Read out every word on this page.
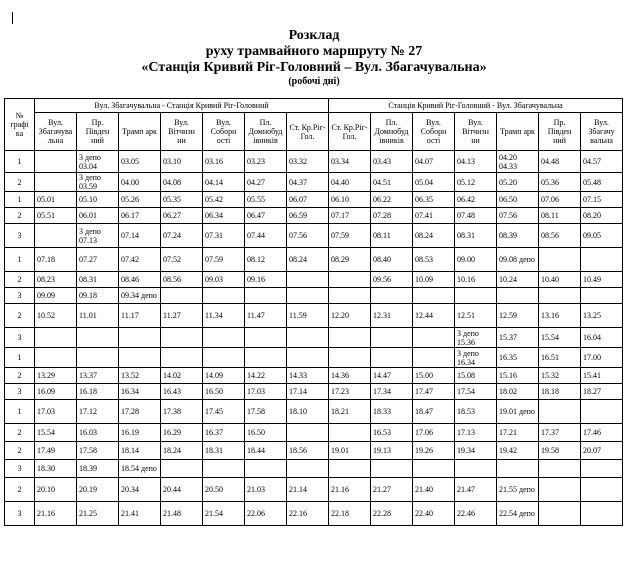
Розклад
руху трамвайного маршруту № 27
«Станція Кривий Ріг-Головний – Вул. Збагачувальна»
(робочі дні)
№ графі ка	Вул. Збагачувальна - Станція Кривий Ріг-Головний							Станція Кривий Ріг-Головний - Вул. Збагачувальна						
	Вул. Збагачува льна	Пр. Півден ний	Трамп арк	Вул. Вітчизн ни	Вул. Соборн ості	Пл. Домнобуд івників	Ст. Кр.Ріг-Гол.	Ст. Кр.Ріг-Гол.	Пл. Домнобуд івників	Вул. Соборн ості	Вул. Вітчизн ни	Трамп арк	Пр. Півден ний	Вул. Збагачу вальна
1		3 депо 03.04	03.05	03.10	03.16	03.23	03.32	03.34	03.43	04.07	04.13	04.20 04.33	04.48	04.57
2		3 депо 03.59	04.00	04.08	04.14	04.27	04.37	04.40	04.51	05.04	05.12	05.20	05.36	05.48
1	05.01	05.10	05.26	05.35	05.42	05.55	06.07	06.10	06.22	06.35	06.42	06.50	07.06	07.15
2	05.51	06.01	06.17	06.27	06.34	06.47	06.59	07.17	07.28	07.41	07.48	07.56	08.11	08.20
3		3 депо 07.13	07.14	07.24	07.31	07.44	07.56	07.59	08.11	08.24	08.31	08.39	08.56	09.05
1	07.18	07.27	07.42	07.52	07.59	08.12	08.24	08.29	08.40	08.53	09.00	09.08 депо		
2	08.23	08.31	08.46	08.56	09.03	09.16			09.56	10.09	10.16	10.24	10.40	10.49
3	09.09	09.18	09.34 депо											
2	10.52	11.01	11.17	11.27	11.34	11.47	11.59	12.20	12.31	12.44	12.51	12.59	13.16	13.25
3											3 депо 15.36	15.37	15.54	16.04
1											3 депо 16.34	16.35	16.51	17.00
2	13.29	13.37	13.52	14.02	14.09	14.22	14.33	14.36	14.47	15.00	15.08	15.16	15.32	15.41
3	16.09	16.18	16.34	16.43	16.50	17.03	17.14	17.23	17.34	17.47	17.54	18.02	18.18	18.27
1	17.03	17.12	17.28	17.38	17.45	17.58	18.10	18.21	18.33	18.47	18.53	19.01 депо		
2	15.54	16.03	16.19	16.29	16.37	16.50			16.53	17.06	17.13	17.21	17.37	17.46
2	17.49	17.58	18.14	18.24	18.31	18.44	18.56	19.01	19.13	19.26	19.34	19.42	19.58	20.07
3	18.30	18.39	18.54 депо											
2	20.10	20.19	20.34	20.44	20.50	21.03	21.14	21.16	21.27	21.40	21.47	21.55 депо		
3	21.16	21.25	21.41	21.48	21.54	22.06	22.16	22.18	22.28	22.40	22.46	22.54 депо		
